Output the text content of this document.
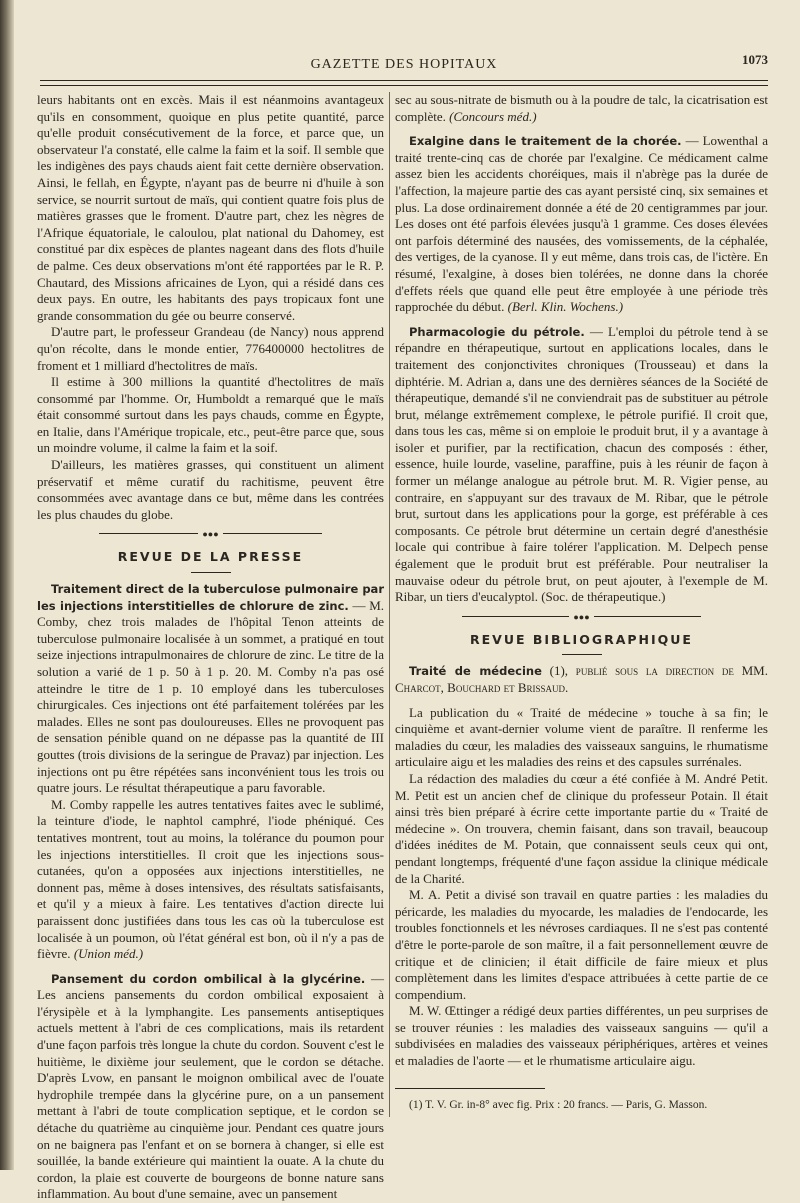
GAZETTE DES HOPITAUX	1073

leurs habitants ont en excès. Mais il est néanmoins avantageux qu'ils en consomment, quoique en plus petite quantité, parce qu'elle produit consécutivement de la force, et parce que, un observateur l'a constaté, elle calme la faim et la soif. Il semble que les indigènes des pays chauds aient fait cette dernière observation. Ainsi, le fellah, en Égypte, n'ayant pas de beurre ni d'huile à son service, se nourrit surtout de maïs, qui contient quatre fois plus de matières grasses que le froment. D'autre part, chez les nègres de l'Afrique équatoriale, le caloulou, plat national du Dahomey, est constitué par dix espèces de plantes nageant dans des flots d'huile de palme. Ces deux observations m'ont été rapportées par le R. P. Chautard, des Missions africaines de Lyon, qui a résidé dans ces deux pays. En outre, les habitants des pays tropicaux font une grande consommation du gée ou beurre conservé.

D'autre part, le professeur Grandeau (de Nancy) nous apprend qu'on récolte, dans le monde entier, 776400000 hectolitres de froment et 1 milliard d'hectolitres de maïs.

Il estime à 300 millions la quantité d'hectolitres de maïs consommé par l'homme. Or, Humboldt a remarqué que le maïs était consommé surtout dans les pays chauds, comme en Égypte, en Italie, dans l'Amérique tropicale, etc., peut-être parce que, sous un moindre volume, il calme la faim et la soif.

D'ailleurs, les matières grasses, qui constituent un aliment préservatif et même curatif du rachitisme, peuvent être consommées avec avantage dans ce but, même dans les contrées les plus chaudes du globe.

●●●
REVUE DE LA PRESSE

Traitement direct de la tuberculose pulmonaire par les injections interstitielles de chlorure de zinc. — M. Comby, chez trois malades de l'hôpital Tenon atteints de tuberculose pulmonaire localisée à un sommet, a pratiqué en tout seize injections intrapulmonaires de chlorure de zinc. Le titre de la solution a varié de 1 p. 50 à 1 p. 20. M. Comby n'a pas osé atteindre le titre de 1 p. 10 employé dans les tuberculoses chirurgicales. Ces injections ont été parfaitement tolérées par les malades. Elles ne sont pas douloureuses. Elles ne provoquent pas de sensation pénible quand on ne dépasse pas la quantité de III gouttes (trois divisions de la seringue de Pravaz) par injection. Les injections ont pu être répétées sans inconvénient tous les trois ou quatre jours. Le résultat thérapeutique a paru favorable.

M. Comby rappelle les autres tentatives faites avec le sublimé, la teinture d'iode, le naphtol camphré, l'iode phéniqué. Ces tentatives montrent, tout au moins, la tolérance du poumon pour les injections interstitielles. Il croit que les injections sous-cutanées, qu'on a opposées aux injections interstitielles, ne donnent pas, même à doses intensives, des résultats satisfaisants, et qu'il y a mieux à faire. Les tentatives d'action directe lui paraissent donc justifiées dans tous les cas où la tuberculose est localisée à un poumon, où l'état général est bon, où il n'y a pas de fièvre. (Union méd.)

Pansement du cordon ombilical à la glycérine. — Les anciens pansements du cordon ombilical exposaient à l'érysipèle et à la lymphangite. Les pansements antiseptiques actuels mettent à l'abri de ces complications, mais ils retardent d'une façon parfois très longue la chute du cordon. Souvent c'est le huitième, le dixième jour seulement, que le cordon se détache. D'après Lvow, en pansant le moignon ombilical avec de l'ouate hydrophile trempée dans la glycérine pure, on a un pansement mettant à l'abri de toute complication septique, et le cordon se détache du quatrième au cinquième jour. Pendant ces quatre jours on ne baignera pas l'enfant et on se bornera à changer, si elle est souillée, la bande extérieure qui maintient la ouate. A la chute du cordon, la plaie est couverte de bourgeons de bonne nature sans inflammation. Au bout d'une semaine, avec un pansement

sec au sous-nitrate de bismuth ou à la poudre de talc, la cicatrisation est complète. (Concours méd.)

Exalgine dans le traitement de la chorée. — Lowenthal a traité trente-cinq cas de chorée par l'exalgine. Ce médicament calme assez bien les accidents choréiques, mais il n'abrège pas la durée de l'affection, la majeure partie des cas ayant persisté cinq, six semaines et plus. La dose ordinairement donnée a été de 20 centigrammes par jour. Les doses ont été parfois élevées jusqu'à 1 gramme. Ces doses élevées ont parfois déterminé des nausées, des vomissements, de la céphalée, des vertiges, de la cyanose. Il y eut même, dans trois cas, de l'ictère. En résumé, l'exalgine, à doses bien tolérées, ne donne dans la chorée d'effets réels que quand elle peut être employée à une période très rapprochée du début. (Berl. Klin. Wochens.)

Pharmacologie du pétrole. — L'emploi du pétrole tend à se répandre en thérapeutique, surtout en applications locales, dans le traitement des conjonctivites chroniques (Trousseau) et dans la diphtérie. M. Adrian a, dans une des dernières séances de la Société de thérapeutique, demandé s'il ne conviendrait pas de substituer au pétrole brut, mélange extrêmement complexe, le pétrole purifié. Il croit que, dans tous les cas, même si on emploie le produit brut, il y a avantage à isoler et purifier, par la rectification, chacun des composés : éther, essence, huile lourde, vaseline, paraffine, puis à les réunir de façon à former un mélange analogue au pétrole brut. M. R. Vigier pense, au contraire, en s'appuyant sur des travaux de M. Ribar, que le pétrole brut, surtout dans les applications pour la gorge, est préférable à ces composants. Ce pétrole brut détermine un certain degré d'anesthésie locale qui contribue à faire tolérer l'application. M. Delpech pense également que le produit brut est préférable. Pour neutraliser la mauvaise odeur du pétrole brut, on peut ajouter, à l'exemple de M. Ribar, un tiers d'eucalyptol. (Soc. de thérapeutique.)

●●●
REVUE BIBLIOGRAPHIQUE

Traité de médecine (1), publié sous la direction de MM. Charcot, Bouchard et Brissaud.

La publication du « Traité de médecine » touche à sa fin; le cinquième et avant-dernier volume vient de paraître. Il renferme les maladies du cœur, les maladies des vaisseaux sanguins, le rhumatisme articulaire aigu et les maladies des reins et des capsules surrénales.

La rédaction des maladies du cœur a été confiée à M. André Petit. M. Petit est un ancien chef de clinique du professeur Potain. Il était ainsi très bien préparé à écrire cette importante partie du « Traité de médecine ». On trouvera, chemin faisant, dans son travail, beaucoup d'idées inédites de M. Potain, que connaissent seuls ceux qui ont, pendant longtemps, fréquenté d'une façon assidue la clinique médicale de la Charité.

M. A. Petit a divisé son travail en quatre parties : les maladies du péricarde, les maladies du myocarde, les maladies de l'endocarde, les troubles fonctionnels et les névroses cardiaques. Il ne s'est pas contenté d'être le porte-parole de son maître, il a fait personnellement œuvre de critique et de clinicien; il était difficile de faire mieux et plus complètement dans les limites d'espace attribuées à cette partie de ce compendium.

M. W. Œttinger a rédigé deux parties différentes, un peu surprises de se trouver réunies : les maladies des vaisseaux sanguins — qu'il a subdivisées en maladies des vaisseaux périphériques, artères et veines et maladies de l'aorte — et le rhumatisme articulaire aigu.

(1) T. V. Gr. in-8° avec fig. Prix : 20 francs. — Paris, G. Masson.
